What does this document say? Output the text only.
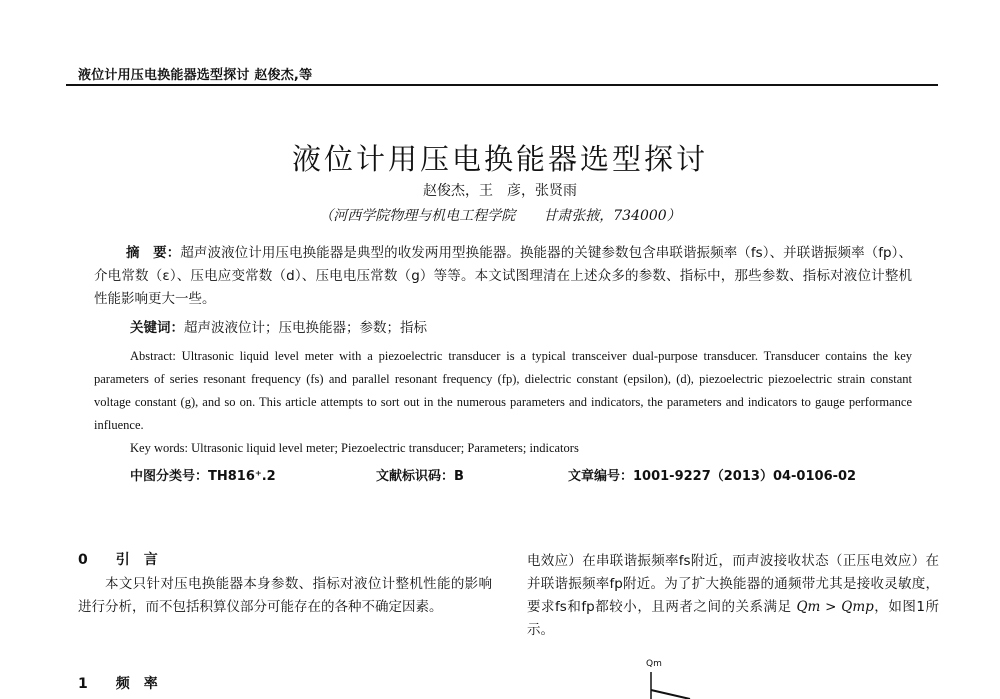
液位计用压电换能器选型探讨 赵俊杰,等
液位计用压电换能器选型探讨
赵俊杰，王　彦，张贤雨
（河西学院物理与机电工程学院　　甘肃张掖，734000）
摘　要：超声波液位计用压电换能器是典型的收发两用型换能器。换能器的关键参数包含串联谐振频率（fs）、并联谐振频率（fp）、介电常数（ε）、压电应变常数（d）、压电电压常数（g）等等。本文试图理清在上述众多的参数、指标中，那些参数、指标对液位计整机性能影响更大一些。
关键词：超声波液位计；压电换能器；参数；指标
Abstract: Ultrasonic liquid level meter with a piezoelectric transducer is a typical transceiver dual-purpose transducer. Transducer contains the key parameters of series resonant frequency (fs) and parallel resonant frequency (fp), dielectric constant (epsilon), (d), piezoelectric piezoelectric strain constant voltage constant (g), and so on. This article attempts to sort out in the numerous parameters and indicators, the parameters and indicators to gauge performance influence.
Key words: Ultrasonic liquid level meter; Piezoelectric transducer; Parameters; indicators
中图分类号：TH816⁺.2	文献标识码：B	文章编号：1001-9227（2013）04-0106-02
0　　引　言
本文只针对压电换能器本身参数、指标对液位计整机性能的影响进行分析，而不包括积算仪部分可能存在的各种不确定因素。
1　　频　率
电效应）在串联谐振频率fs附近，而声波接收状态（正压电效应）在并联谐振频率fp附近。为了扩大换能器的通频带尤其是接收灵敏度，要求fs和fp都较小，且两者之间的关系满足 Qm > Qmp，如图1所示。
Qm
